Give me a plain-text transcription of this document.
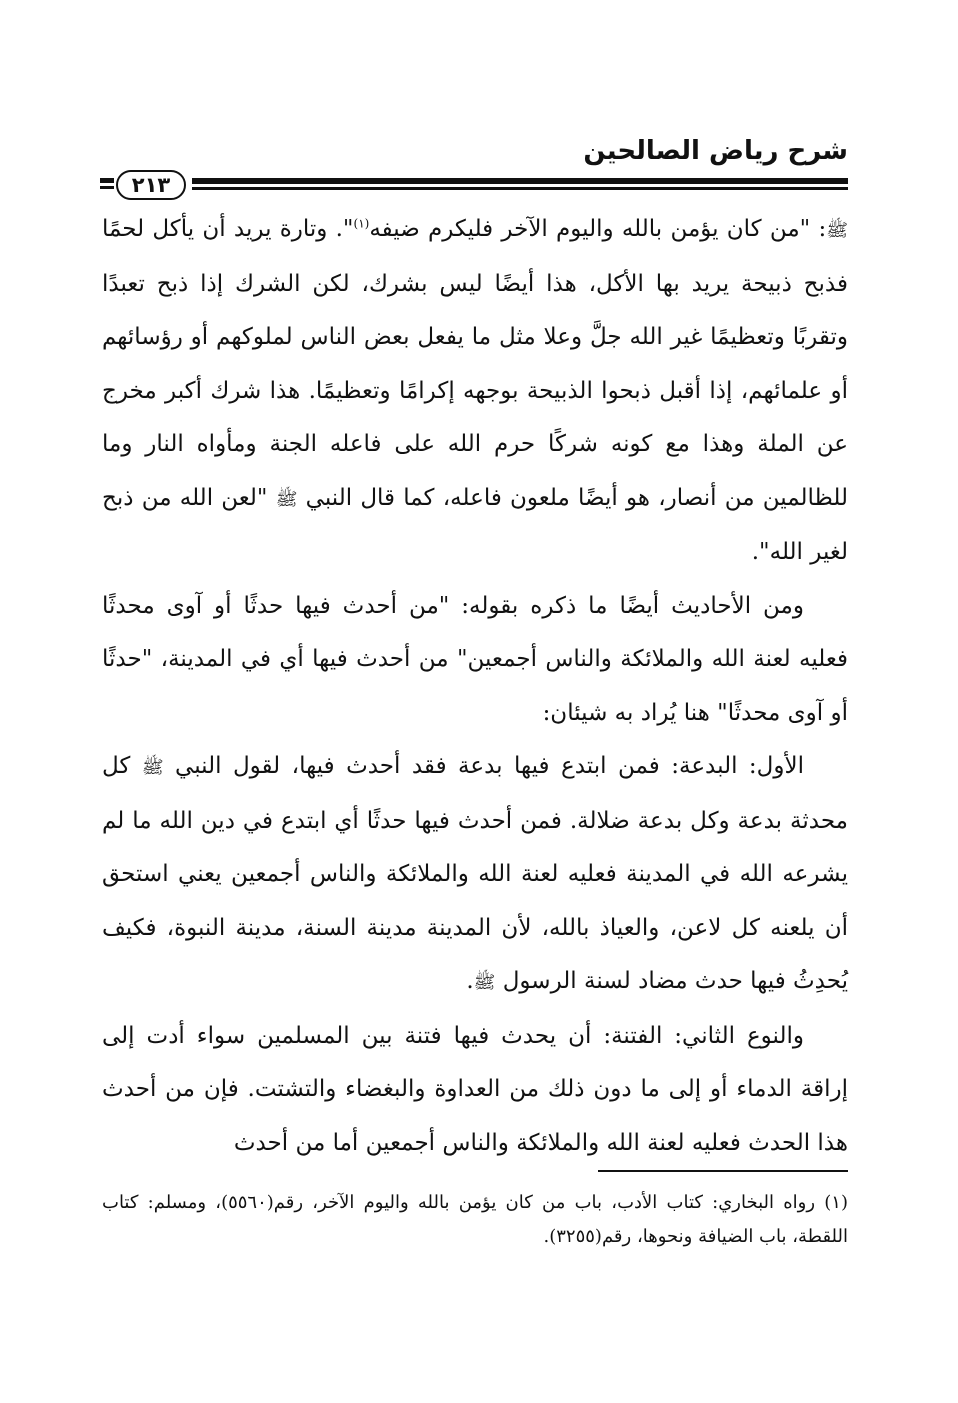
شرح رياض الصالحين
٢١٣

ﷺ: "من كان يؤمن بالله واليوم الآخر فليكرم ضيفه$^{(١)}$". وتارة يريد أن يأكل لحمًا فذبح ذبيحة يريد بها الأكل، هذا أيضًا ليس بشرك، لكن الشرك إذا ذبح تعبدًا وتقربًا وتعظيمًا غير الله جلَّ وعلا مثل ما يفعل بعض الناس لملوكهم أو رؤسائهم أو علمائهم، إذا أقبل ذبحوا الذبيحة بوجهه إكرامًا وتعظيمًا. هذا شرك أكبر مخرج عن الملة وهذا مع كونه شركًا حرم الله على فاعله الجنة ومأواه النار وما للظالمين من أنصار، هو أيضًا ملعون فاعله، كما قال النبي ﷺ "لعن الله من ذبح لغير الله".

ومن الأحاديث أيضًا ما ذكره بقوله: "من أحدث فيها حدثًا أو آوى محدثًا فعليه لعنة الله والملائكة والناس أجمعين" من أحدث فيها أي في المدينة، "حدثًا أو آوى محدثًا" هنا يُراد به شيئان:

الأول: البدعة: فمن ابتدع فيها بدعة فقد أحدث فيها، لقول النبي ﷺ كل محدثة بدعة وكل بدعة ضلالة. فمن أحدث فيها حدثًا أي ابتدع في دين الله ما لم يشرعه الله في المدينة فعليه لعنة الله والملائكة والناس أجمعين يعني استحق أن يلعنه كل لاعن، والعياذ بالله، لأن المدينة مدينة السنة، مدينة النبوة، فكيف يُحدِثُ فيها حدث مضاد لسنة الرسول ﷺ.

والنوع الثاني: الفتنة: أن يحدث فيها فتنة بين المسلمين سواء أدت إلى إراقة الدماء أو إلى ما دون ذلك من العداوة والبغضاء والتشتت. فإن من أحدث هذا الحدث فعليه لعنة الله والملائكة والناس أجمعين أما من أحدث

(١) رواه البخاري: كتاب الأدب، باب من كان يؤمن بالله واليوم الآخر، رقم(٥٥٦٠)، ومسلم: كتاب اللقطة، باب الضيافة ونحوها، رقم(٣٢٥٥).
